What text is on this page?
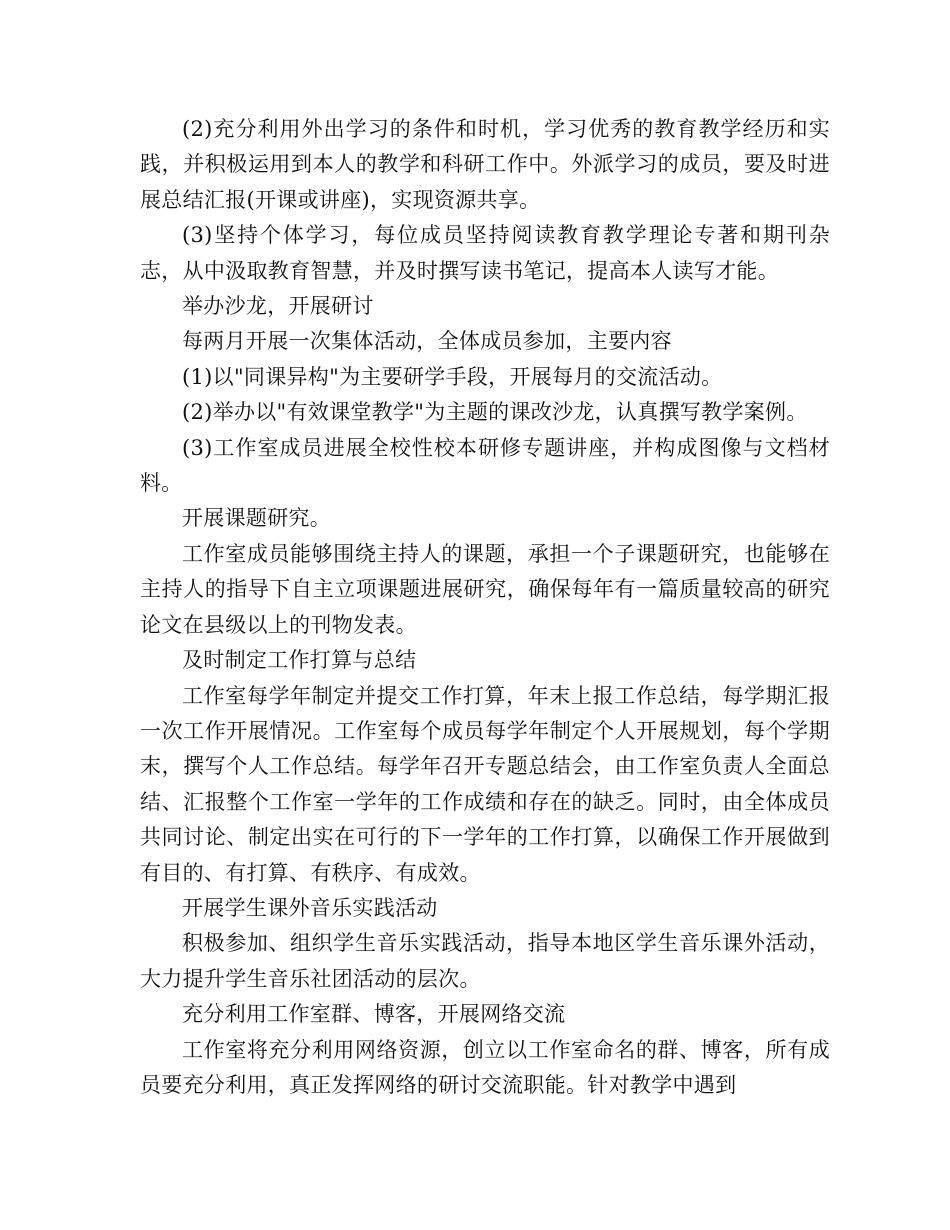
(2)充分利用外出学习的条件和时机，学习优秀的教育教学经历和实践，并积极运用到本人的教学和科研工作中。外派学习的成员，要及时进展总结汇报(开课或讲座)，实现资源共享。

(3)坚持个体学习，每位成员坚持阅读教育教学理论专著和期刊杂志，从中汲取教育智慧，并及时撰写读书笔记，提高本人读写才能。

举办沙龙，开展研讨

每两月开展一次集体活动，全体成员参加，主要内容

(1)以"同课异构"为主要研学手段，开展每月的交流活动。

(2)举办以"有效课堂教学"为主题的课改沙龙，认真撰写教学案例。

(3)工作室成员进展全校性校本研修专题讲座，并构成图像与文档材料。

开展课题研究。

工作室成员能够围绕主持人的课题，承担一个子课题研究，也能够在主持人的指导下自主立项课题进展研究，确保每年有一篇质量较高的研究论文在县级以上的刊物发表。

及时制定工作打算与总结

工作室每学年制定并提交工作打算，年末上报工作总结，每学期汇报一次工作开展情况。工作室每个成员每学年制定个人开展规划，每个学期末，撰写个人工作总结。每学年召开专题总结会，由工作室负责人全面总结、汇报整个工作室一学年的工作成绩和存在的缺乏。同时，由全体成员共同讨论、制定出实在可行的下一学年的工作打算，以确保工作开展做到有目的、有打算、有秩序、有成效。

开展学生课外音乐实践活动

积极参加、组织学生音乐实践活动，指导本地区学生音乐课外活动，大力提升学生音乐社团活动的层次。

充分利用工作室群、博客，开展网络交流

工作室将充分利用网络资源，创立以工作室命名的群、博客，所有成员要充分利用，真正发挥网络的研讨交流职能。针对教学中遇到
